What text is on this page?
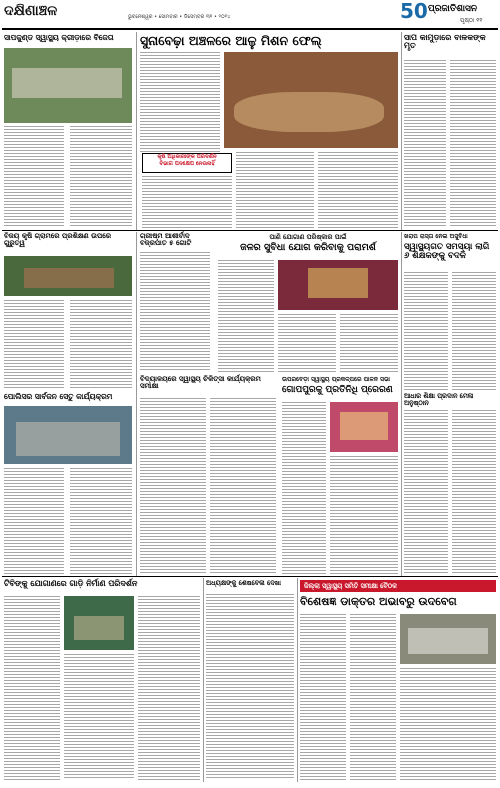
ଦକ୍ଷିଣାଞ୍ଚଳ	ଭୁବନେଶ୍ୱର • ସୋମବାର • ଡିସେମ୍ବର ୩୧ • ୨୦୨୪	50 ପ୍ରଜାତିଶାସନ
ପୃଷ୍ଠା ୧୧
ସାପକୁଣ୍ଡ ସ୍ୱାସ୍ଥ୍ୟ କ୍ରୀଡ଼ାରେ ବିଜେତା	ସୁନାବେଢ଼ା ଅଞ୍ଚଳରେ ଆଳୁ ମିଶନ ଫେଲ୍
କୃଷି ଅଧିକାରୀଙ୍କ ପରିଦର୍ଶନ
ବିଭାଗ ପଦକ୍ଷେପ ନେଉନାହିଁ
ସାପ କାମୁଡ଼ାରେ ବାଳକଙ୍କ ମୃତ
ବିଜୟ କୃଷି ଗ୍ରାମରେ ପ୍ରଶିକ୍ଷଣ ଉପରେ ଗୁରୁତ୍ୱ
ଗ୍ରୀଷ୍ମ ଆଶୀର୍ବାଦ ବଜ୍ରପାତ ୫ ଗୋଟି
ପାଣି ଯୋଗାଣ ପରିଷ୍କାର ପାଇଁ
ଜଳର ସୁବିଧା ଯୋଗ କରିବାକୁ ପରାମର୍ଶ
ଖରାପ ରାସ୍ତା ନେଇ ଅସୁବିଧା
ସ୍ୱାସ୍ଥ୍ୟଗତ ସମସ୍ୟା ଲାଗି ୬ ଶିକ୍ଷକଙ୍କୁ ବଦଳି
ପୋଲିସର ସାର୍ବଜନ ସେତୁ କାର୍ଯ୍ୟକ୍ରମ
ବିଦ୍ୟାଳୟରେ ସ୍ୱାସ୍ଥ୍ୟ ଚିକିତ୍ସା କାର୍ଯ୍ୟକ୍ରମ ସମୀକ୍ଷା
ଉପରବେଡ଼ା ସ୍ୱାସ୍ଥ୍ୟ ପ୍ରକଳ୍ପରେ ପାଳନ ସଭା
ଗୋପପୁରକୁ ପ୍ରତିନିଧି ପ୍ରେରଣ
ଆଧାର ଶିକ୍ଷା ପ୍ରଦାନ ମେଳା ଅନୁଷ୍ଠାନ
ଟିବିଙ୍କୁ ଯୋଗାଣରେ ଗାଡ଼ି ନିର୍ମାଣ ପରିଦର୍ଶନ	ଅଧ୍ୟକ୍ଷଙ୍କୁ ଶେଷବେଳା ଦେଖା	ଜିଲ୍ଲା ସ୍ୱାସ୍ଥ୍ୟ ସମିତି ସମୀକ୍ଷା ବୈଠକ
ବିଶେଷଜ୍ଞ ଡାକ୍ତର ଅଭାବରୁ ଉଦବେଗ
